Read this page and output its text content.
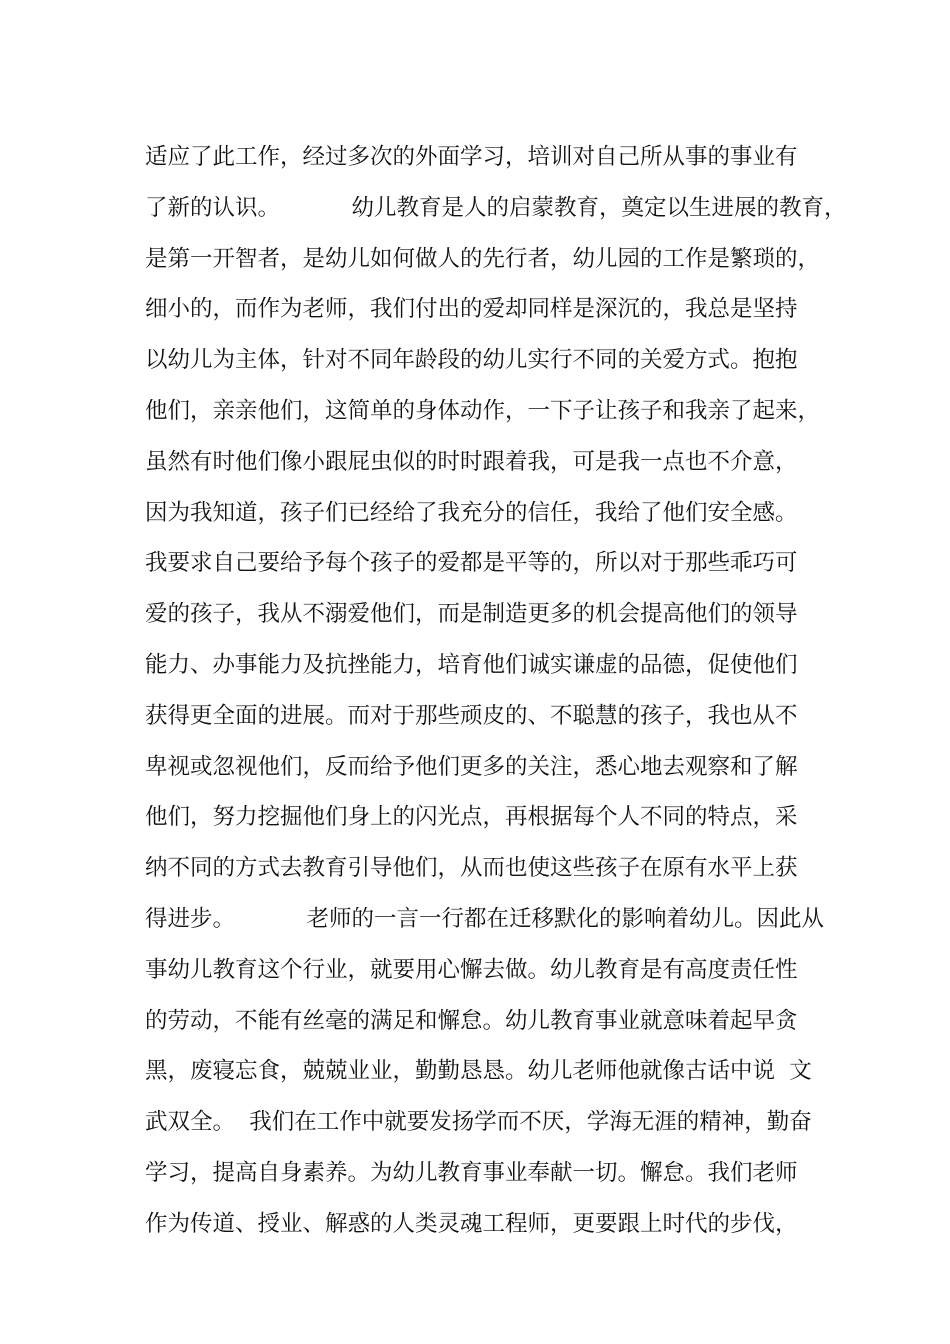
适应了此工作，经过多次的外面学习，培训对自己所从事的事业有
了新的认识。          幼儿教育是人的启蒙教育，奠定以生进展的教育，
是第一开智者，是幼儿如何做人的先行者，幼儿园的工作是繁琐的，
细小的，而作为老师，我们付出的爱却同样是深沉的，我总是坚持
以幼儿为主体，针对不同年龄段的幼儿实行不同的关爱方式。抱抱
他们，亲亲他们，这简单的身体动作，一下子让孩子和我亲了起来，
虽然有时他们像小跟屁虫似的时时跟着我，可是我一点也不介意，
因为我知道，孩子们已经给了我充分的信任，我给了他们安全感。
我要求自己要给予每个孩子的爱都是平等的，所以对于那些乖巧可
爱的孩子，我从不溺爱他们，而是制造更多的机会提高他们的领导
能力、办事能力及抗挫能力，培育他们诚实谦虚的品德，促使他们
获得更全面的进展。而对于那些顽皮的、不聪慧的孩子，我也从不
卑视或忽视他们，反而给予他们更多的关注，悉心地去观察和了解
他们，努力挖掘他们身上的闪光点，再根据每个人不同的特点，采
纳不同的方式去教育引导他们，从而也使这些孩子在原有水平上获
得进步。          老师的一言一行都在迁移默化的影响着幼儿。因此从
事幼儿教育这个行业，就要用心懈去做。幼儿教育是有高度责任性
的劳动，不能有丝毫的满足和懈怠。幼儿教育事业就意味着起早贪
黑，废寝忘食，兢兢业业，勤勤恳恳。幼儿老师他就像古话中说  文
武双全。  我们在工作中就要发扬学而不厌，学海无涯的精神，勤奋
学习，提高自身素养。为幼儿教育事业奉献一切。懈怠。我们老师
作为传道、授业、解惑的人类灵魂工程师，更要跟上时代的步伐，
